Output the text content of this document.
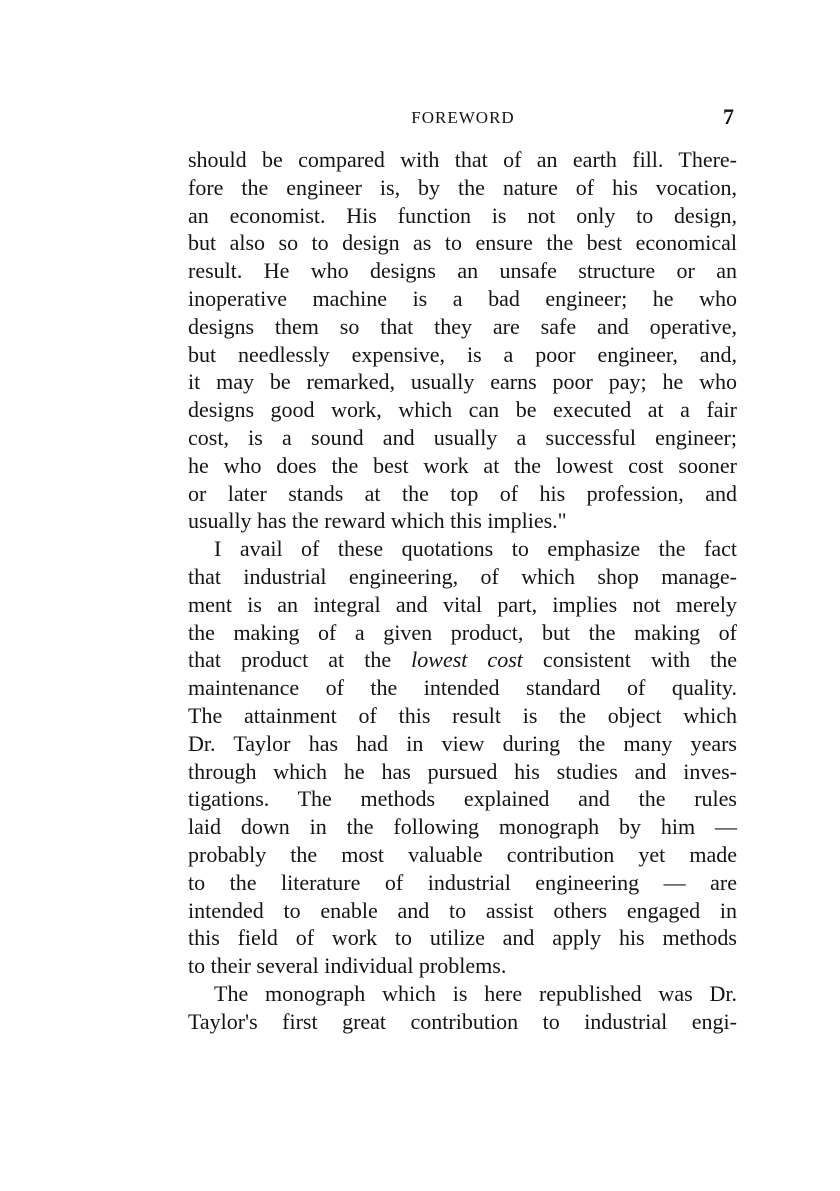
FOREWORD	7
should be compared with that of an earth fill. There-
fore the engineer is, by the nature of his vocation,
an economist. His function is not only to design,
but also so to design as to ensure the best economical
result. He who designs an unsafe structure or an
inoperative machine is a bad engineer; he who
designs them so that they are safe and operative,
but needlessly expensive, is a poor engineer, and,
it may be remarked, usually earns poor pay; he who
designs good work, which can be executed at a fair
cost, is a sound and usually a successful engineer;
he who does the best work at the lowest cost sooner
or later stands at the top of his profession, and
usually has the reward which this implies."
I avail of these quotations to emphasize the fact
that industrial engineering, of which shop manage-
ment is an integral and vital part, implies not merely
the making of a given product, but the making of
that product at the lowest cost consistent with the
maintenance of the intended standard of quality.
The attainment of this result is the object which
Dr. Taylor has had in view during the many years
through which he has pursued his studies and inves-
tigations. The methods explained and the rules
laid down in the following monograph by him —
probably the most valuable contribution yet made
to the literature of industrial engineering — are
intended to enable and to assist others engaged in
this field of work to utilize and apply his methods
to their several individual problems.
The monograph which is here republished was Dr.
Taylor's first great contribution to industrial engi-
